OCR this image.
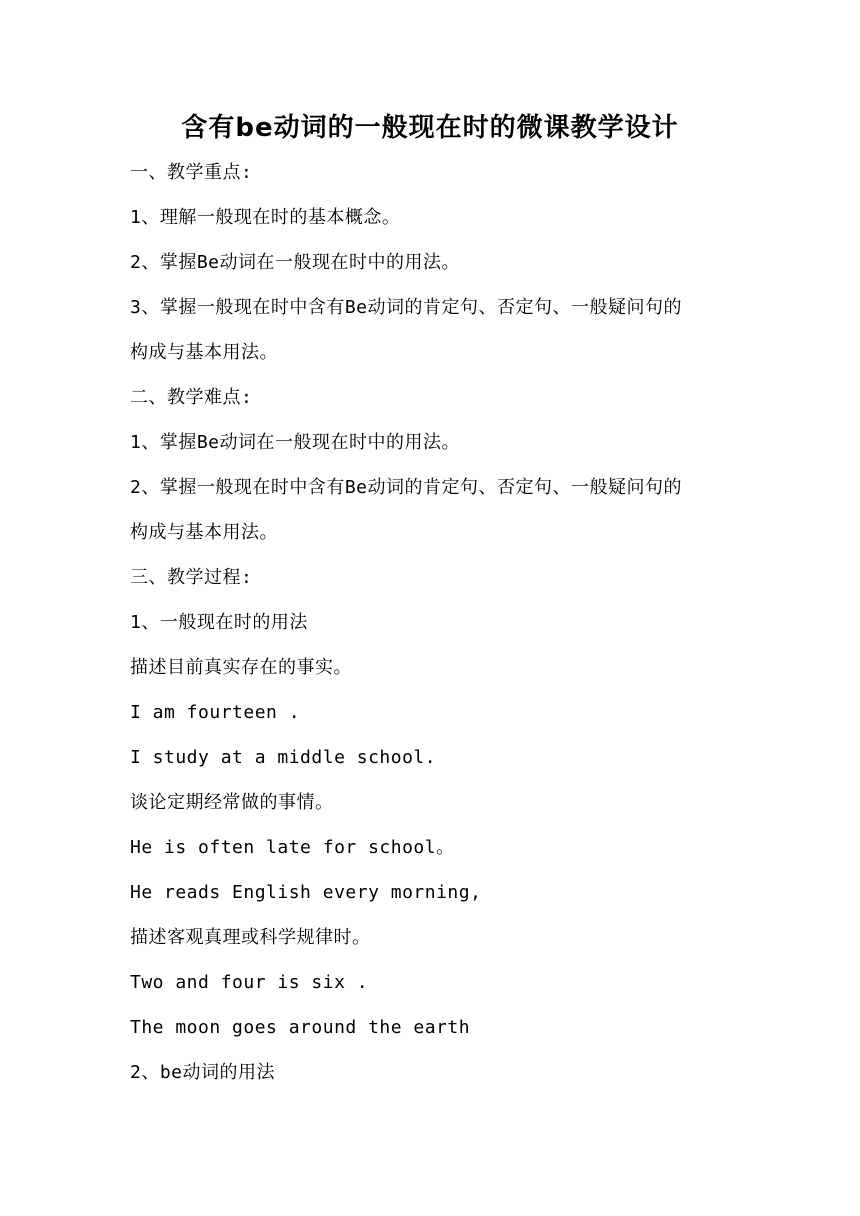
含有be动词的一般现在时的微课教学设计
一、教学重点:
1、理解一般现在时的基本概念。
2、掌握Be动词在一般现在时中的用法。
3、掌握一般现在时中含有Be动词的肯定句、否定句、一般疑问句的
构成与基本用法。
二、教学难点:
1、掌握Be动词在一般现在时中的用法。
2、掌握一般现在时中含有Be动词的肯定句、否定句、一般疑问句的
构成与基本用法。
三、教学过程:
1、一般现在时的用法
描述目前真实存在的事实。
I am fourteen .
I study at a middle school.
谈论定期经常做的事情。
He is often late for school。
He reads English every morning,
描述客观真理或科学规律时。
Two and four is six .
The moon goes around the earth
2、be动词的用法
